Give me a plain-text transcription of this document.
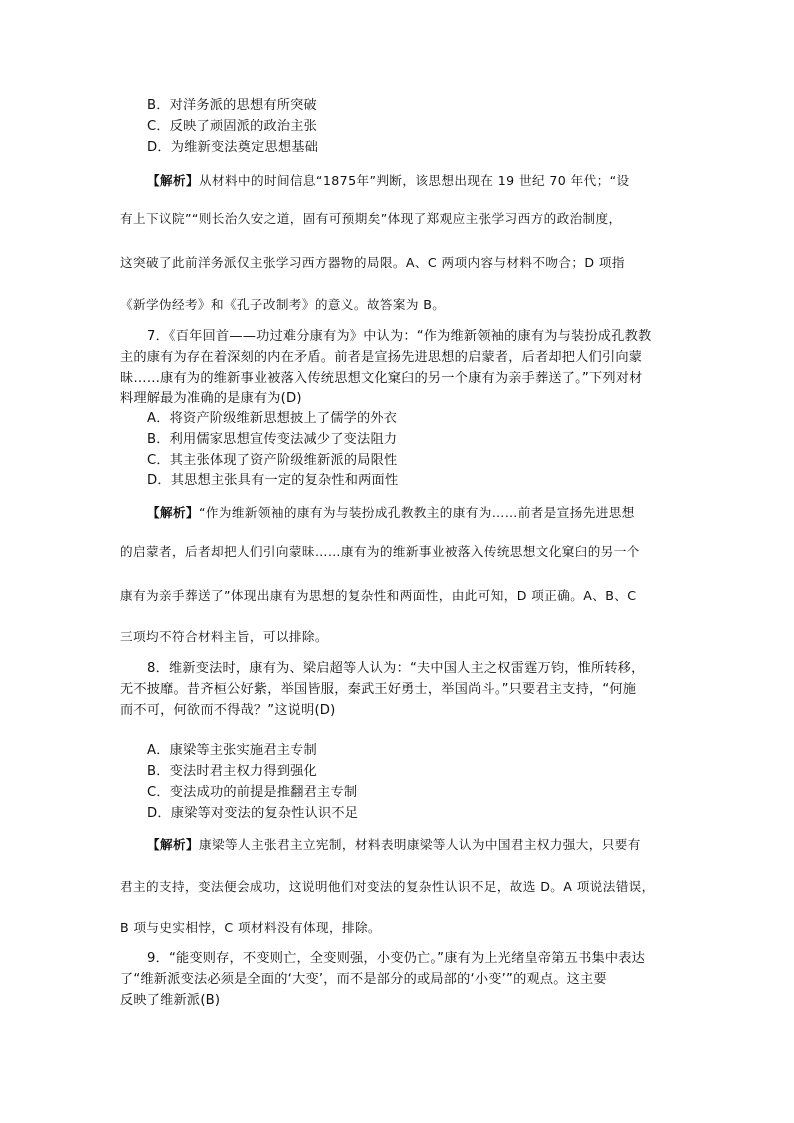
B．对洋务派的思想有所突破
C．反映了顽固派的政治主张
D．为维新变法奠定思想基础
【解析】从材料中的时间信息“1875年”判断，该思想出现在 19 世纪 70 年代；“设
有上下议院”“则长治久安之道，固有可预期矣”体现了郑观应主张学习西方的政治制度，
这突破了此前洋务派仅主张学习西方器物的局限。A、C 两项内容与材料不吻合；D 项指
《新学伪经考》和《孔子改制考》的意义。故答案为 B。
7．《百年回首——功过难分康有为》中认为：“作为维新领袖的康有为与装扮成孔教教
主的康有为存在着深刻的内在矛盾。前者是宣扬先进思想的启蒙者，后者却把人们引向蒙
昧……康有为的维新事业被落入传统思想文化窠臼的另一个康有为亲手葬送了。”下列对材
料理解最为准确的是康有为(D)
A．将资产阶级维新思想披上了儒学的外衣
B．利用儒家思想宣传变法减少了变法阻力
C．其主张体现了资产阶级维新派的局限性
D．其思想主张具有一定的复杂性和两面性
【解析】“作为维新领袖的康有为与装扮成孔教教主的康有为……前者是宣扬先进思想
的启蒙者，后者却把人们引向蒙昧……康有为的维新事业被落入传统思想文化窠臼的另一个
康有为亲手葬送了”体现出康有为思想的复杂性和两面性，由此可知，D 项正确。A、B、C
三项均不符合材料主旨，可以排除。
8．维新变法时，康有为、梁启超等人认为：“夫中国人主之权雷霆万钧，惟所转移，
无不披靡。昔齐桓公好紫，举国皆服，秦武王好勇士，举国尚斗。”只要君主支持，“何施
而不可，何欲而不得哉？”这说明(D)
A．康梁等主张实施君主专制
B．变法时君主权力得到强化
C．变法成功的前提是推翻君主专制
D．康梁等对变法的复杂性认识不足
【解析】康梁等人主张君主立宪制，材料表明康梁等人认为中国君主权力强大，只要有
君主的支持，变法便会成功，这说明他们对变法的复杂性认识不足，故选 D。A 项说法错误，
B 项与史实相悖，C 项材料没有体现，排除。
9．“能变则存，不变则亡，全变则强，小变仍亡。”康有为上光绪皇帝第五书集中表达
了“维新派变法必须是全面的‘大变’，而不是部分的或局部的‘小变’”的观点。这主要
反映了维新派(B)
